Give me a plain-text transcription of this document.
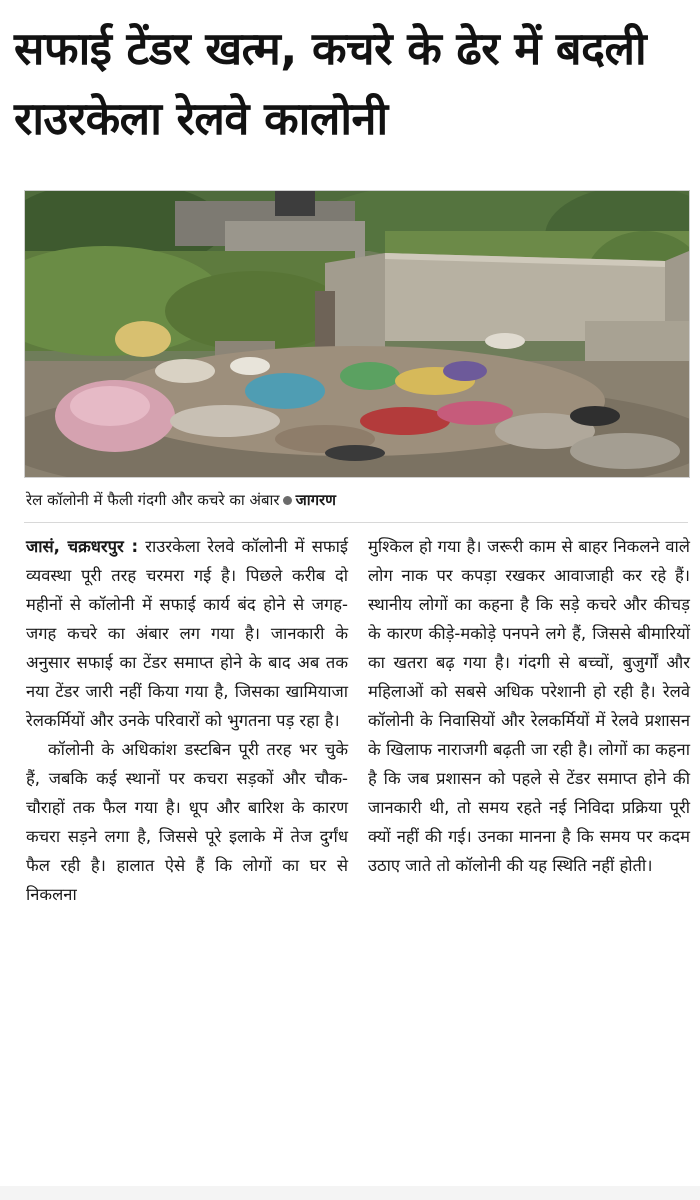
सफाई टेंडर खत्म, कचरे के ढेर में बदली राउरकेला रेलवे कालोनी
रेल कॉलोनी में फैली गंदगी और कचरे का अंबार जागरण

जासं, चक्रधरपुर : राउरकेला रेलवे कॉलोनी में सफाई व्यवस्था पूरी तरह चरमरा गई है। पिछले करीब दो महीनों से कॉलोनी में सफाई कार्य बंद होने से जगह-जगह कचरे का अंबार लग गया है। जानकारी के अनुसार सफाई का टेंडर समाप्त होने के बाद अब तक नया टेंडर जारी नहीं किया गया है, जिसका खामियाजा रेलकर्मियों और उनके परिवारों को भुगतना पड़ रहा है।

कॉलोनी के अधिकांश डस्टबिन पूरी तरह भर चुके हैं, जबकि कई स्थानों पर कचरा सड़कों और चौक-चौराहों तक फैल गया है। धूप और बारिश के कारण कचरा सड़ने लगा है, जिससे पूरे इलाके में तेज दुर्गंध फैल रही है। हालात ऐसे हैं कि लोगों का घर से निकलना

मुश्किल हो गया है। जरूरी काम से बाहर निकलने वाले लोग नाक पर कपड़ा रखकर आवाजाही कर रहे हैं। स्थानीय लोगों का कहना है कि सड़े कचरे और कीचड़ के कारण कीड़े-मकोड़े पनपने लगे हैं, जिससे बीमारियों का खतरा बढ़ गया है। गंदगी से बच्चों, बुजुर्गों और महिलाओं को सबसे अधिक परेशानी हो रही है। रेलवे कॉलोनी के निवासियों और रेलकर्मियों में रेलवे प्रशासन के खिलाफ नाराजगी बढ़ती जा रही है। लोगों का कहना है कि जब प्रशासन को पहले से टेंडर समाप्त होने की जानकारी थी, तो समय रहते नई निविदा प्रक्रिया पूरी क्यों नहीं की गई। उनका मानना है कि समय पर कदम उठाए जाते तो कॉलोनी की यह स्थिति नहीं होती।
